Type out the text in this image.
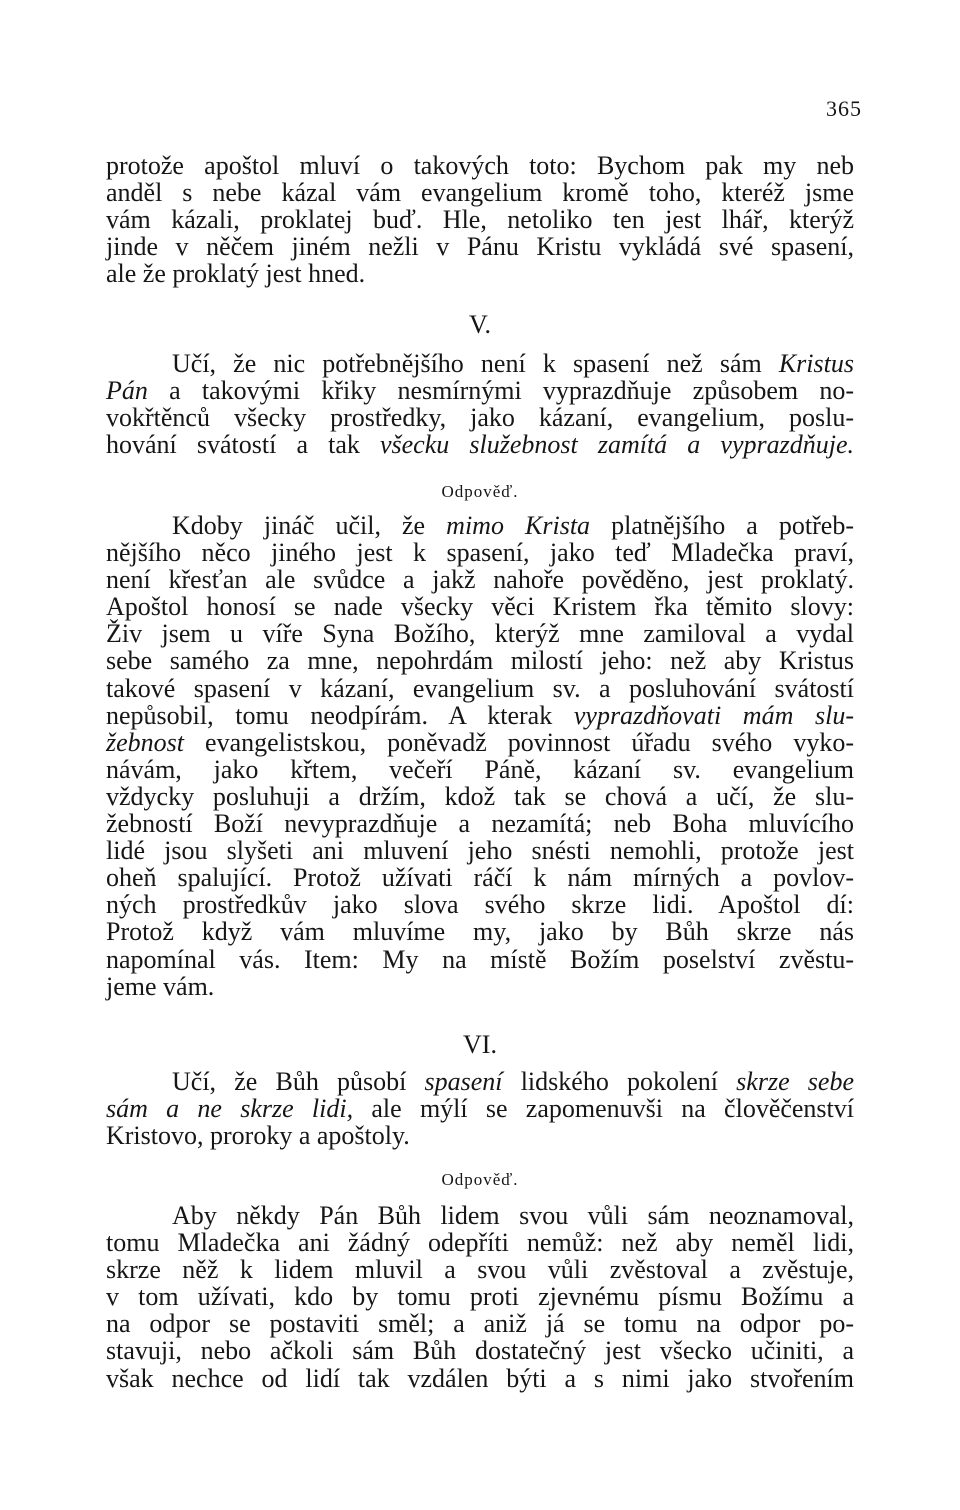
365
protože apoštol mluví o takových toto: Bychom pak my neb
anděl s nebe kázal vám evangelium kromě toho, kteréž jsme
vám kázali, proklatej buď. Hle, netoliko ten jest lhář, kterýž
jinde v něčem jiném nežli v Pánu Kristu vykládá své spasení,
ale že proklatý jest hned.
V.
Učí, že nic potřebnějšího není k spasení než sám Kristus
Pán a takovými křiky nesmírnými vyprazdňuje způsobem no-
vokřtěnců všecky prostředky, jako kázaní, evangelium, poslu-
hování svátostí a tak všecku služebnost zamítá a vyprazdňuje.
Odpověď.
Kdoby jináč učil, že mimo Krista platnějšího a potřeb-
nějšího něco jiného jest k spasení, jako teď Mladečka praví,
není křesťan ale svůdce a jakž nahoře pověděno, jest proklatý.
Apoštol honosí se nade všecky věci Kristem řka těmito slovy:
Živ jsem u víře Syna Božího, kterýž mne zamiloval a vydal
sebe samého za mne, nepohrdám milostí jeho: než aby Kristus
takové spasení v kázaní, evangelium sv. a posluhování svátostí
nepůsobil, tomu neodpírám. A kterak vyprazdňovati mám slu-
žebnost evangelistskou, poněvadž povinnost úřadu svého vyko-
návám, jako křtem, večeří Páně, kázaní sv. evangelium
vždycky posluhuji a držím, kdož tak se chová a učí, že slu-
žebností Boží nevyprazdňuje a nezamítá; neb Boha mluvícího
lidé jsou slyšeti ani mluvení jeho snésti nemohli, protože jest
oheň spalující. Protož užívati ráčí k nám mírných a povlov-
ných prostředkův jako slova svého skrze lidi. Apoštol dí:
Protož když vám mluvíme my, jako by Bůh skrze nás
napomínal vás. Item: My na místě Božím poselství zvěstu-
jeme vám.
VI.
Učí, že Bůh působí spasení lidského pokolení skrze sebe
sám a ne skrze lidi, ale mýlí se zapomenuvši na člověčenství
Kristovo, proroky a apoštoly.
Odpověď.
Aby někdy Pán Bůh lidem svou vůli sám neoznamoval,
tomu Mladečka ani žádný odepříti nemůž: než aby neměl lidi,
skrze něž k lidem mluvil a svou vůli zvěstoval a zvěstuje,
v tom užívati, kdo by tomu proti zjevnému písmu Božímu a
na odpor se postaviti směl; a aniž já se tomu na odpor po-
stavuji, nebo ačkoli sám Bůh dostatečný jest všecko učiniti, a
však nechce od lidí tak vzdálen býti a s nimi jako stvořením
